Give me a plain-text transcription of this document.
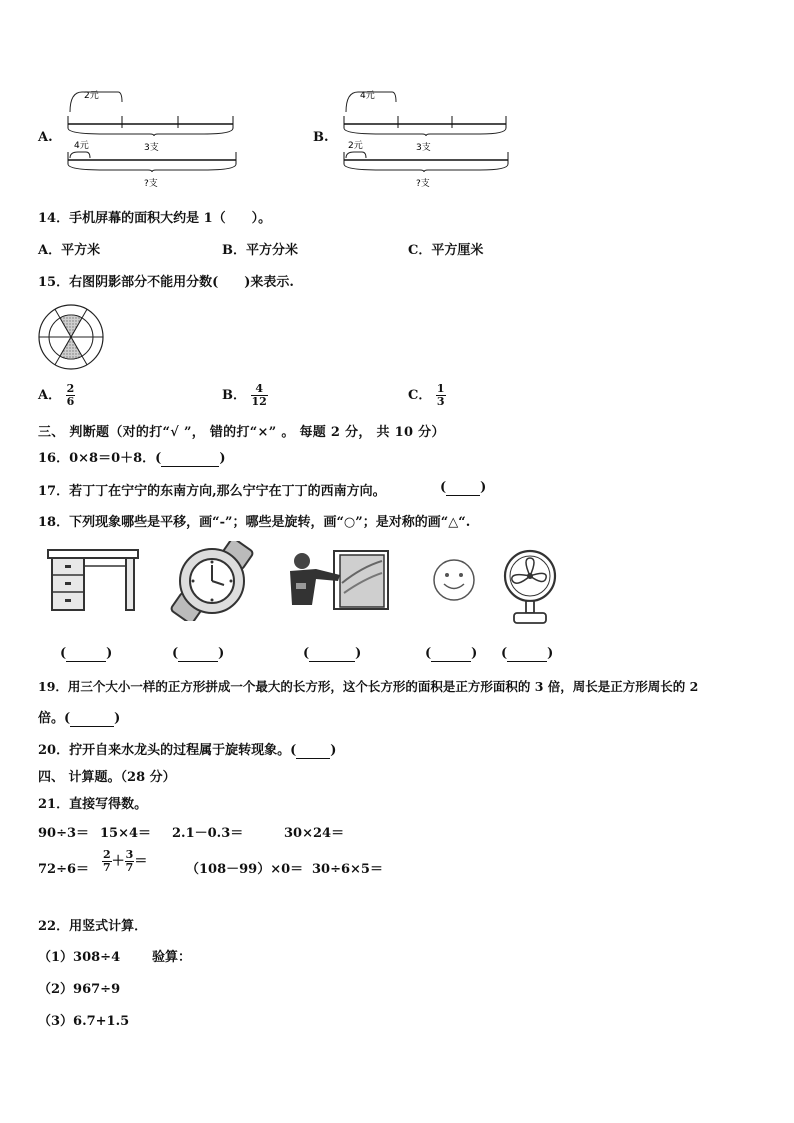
A.
2元
3支
4元
?支
B.
4元
3支
2元
?支
14．手机屏幕的面积大约是 1（　　）。
A．平方米	B．平方分米	C．平方厘米
15．右图阴影部分不能用分数(　　)来表示.
A． $\frac{2}{6}$	B． $\frac{4}{12}$	C． $\frac{1}{3}$
三、 判断题（对的打“√ ”， 错的打“×” 。 每题 2 分， 共 10 分）
16．0×8＝0＋8．(	)
17．若丁丁在宁宁的东南方向,那么宁宁在丁丁的西南方向。	(	)
18．下列现象哪些是平移，画“-”；哪些是旋转，画“○”；是对称的画“△“.
(	)	(	)	(	)	(	) (	)
19．用三个大小一样的正方形拼成一个最大的长方形，这个长方形的面积是正方形面积的 3 倍，周长是正方形周长的 2
倍。(	)
20．拧开自来水龙头的过程属于旋转现象。(	)
四、 计算题。（28 分）
21．直接写得数。
90÷3＝ 15×4＝ 2.1－0.3＝	30×24＝
$72\div 6= \frac{2}{7} + \frac{3}{7}$ ＝
（108－99）×0＝ 30÷6×5＝
22．用竖式计算．
（1）308÷4 验算：
（2）967÷9
（3）6.7+1.5
